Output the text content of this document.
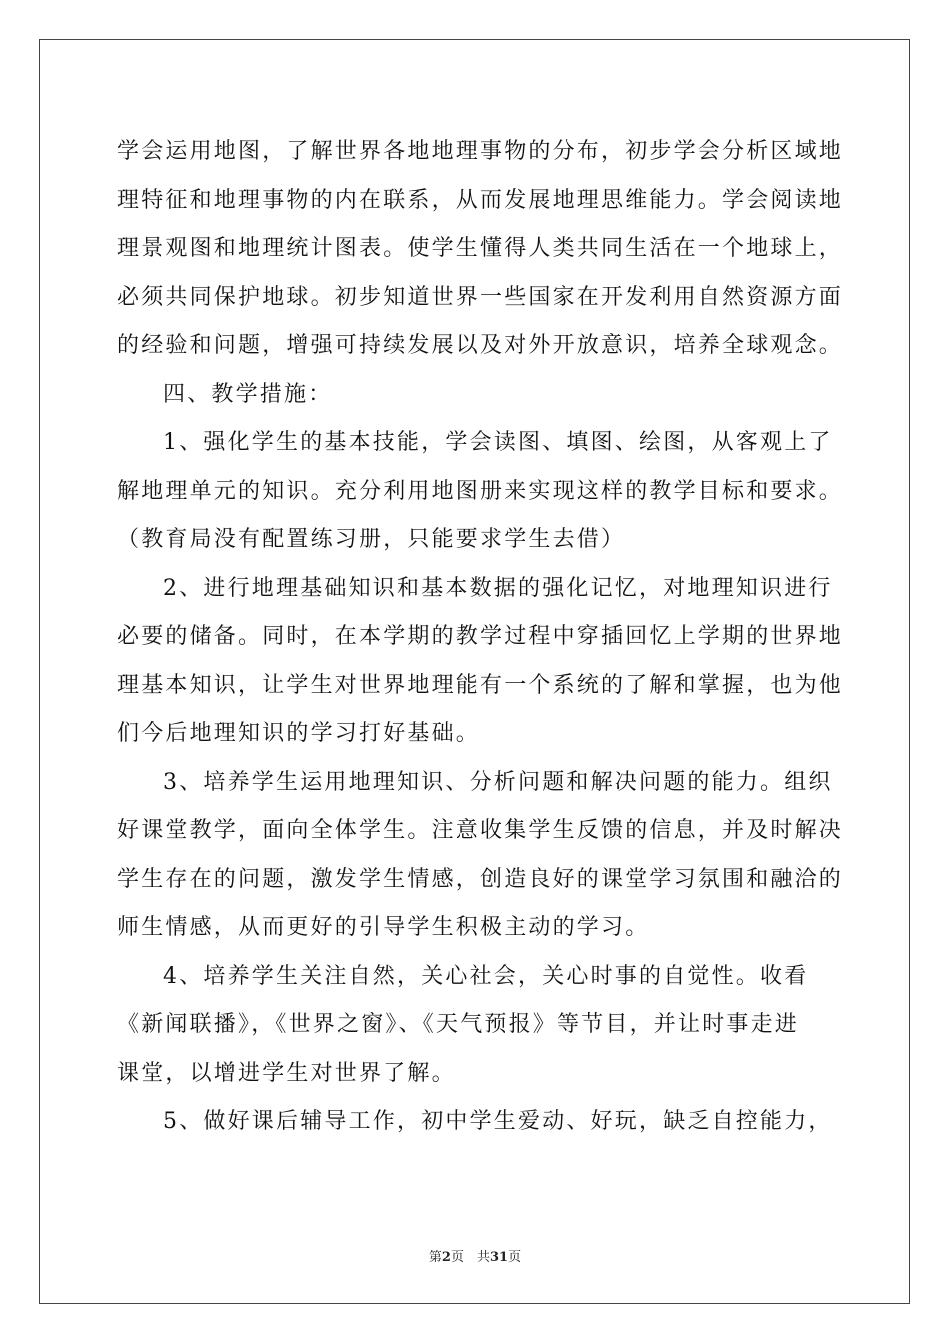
学会运用地图，了解世界各地地理事物的分布，初步学会分析区域地
理特征和地理事物的内在联系，从而发展地理思维能力。学会阅读地
理景观图和地理统计图表。使学生懂得人类共同生活在一个地球上，
必须共同保护地球。初步知道世界一些国家在开发利用自然资源方面
的经验和问题，增强可持续发展以及对外开放意识，培养全球观念。
四、教学措施：
1、强化学生的基本技能，学会读图、填图、绘图，从客观上了
解地理单元的知识。充分利用地图册来实现这样的教学目标和要求。
（教育局没有配置练习册，只能要求学生去借）
2、进行地理基础知识和基本数据的强化记忆，对地理知识进行
必要的储备。同时，在本学期的教学过程中穿插回忆上学期的世界地
理基本知识，让学生对世界地理能有一个系统的了解和掌握，也为他
们今后地理知识的学习打好基础。
3、培养学生运用地理知识、分析问题和解决问题的能力。组织
好课堂教学，面向全体学生。注意收集学生反馈的信息，并及时解决
学生存在的问题，激发学生情感，创造良好的课堂学习氛围和融洽的
师生情感，从而更好的引导学生积极主动的学习。
4、培养学生关注自然，关心社会，关心时事的自觉性。收看
《新闻联播》，《世界之窗》、《天气预报》等节目，并让时事走进
课堂，以增进学生对世界了解。
5、做好课后辅导工作，初中学生爱动、好玩，缺乏自控能力，
第2页　共31页
